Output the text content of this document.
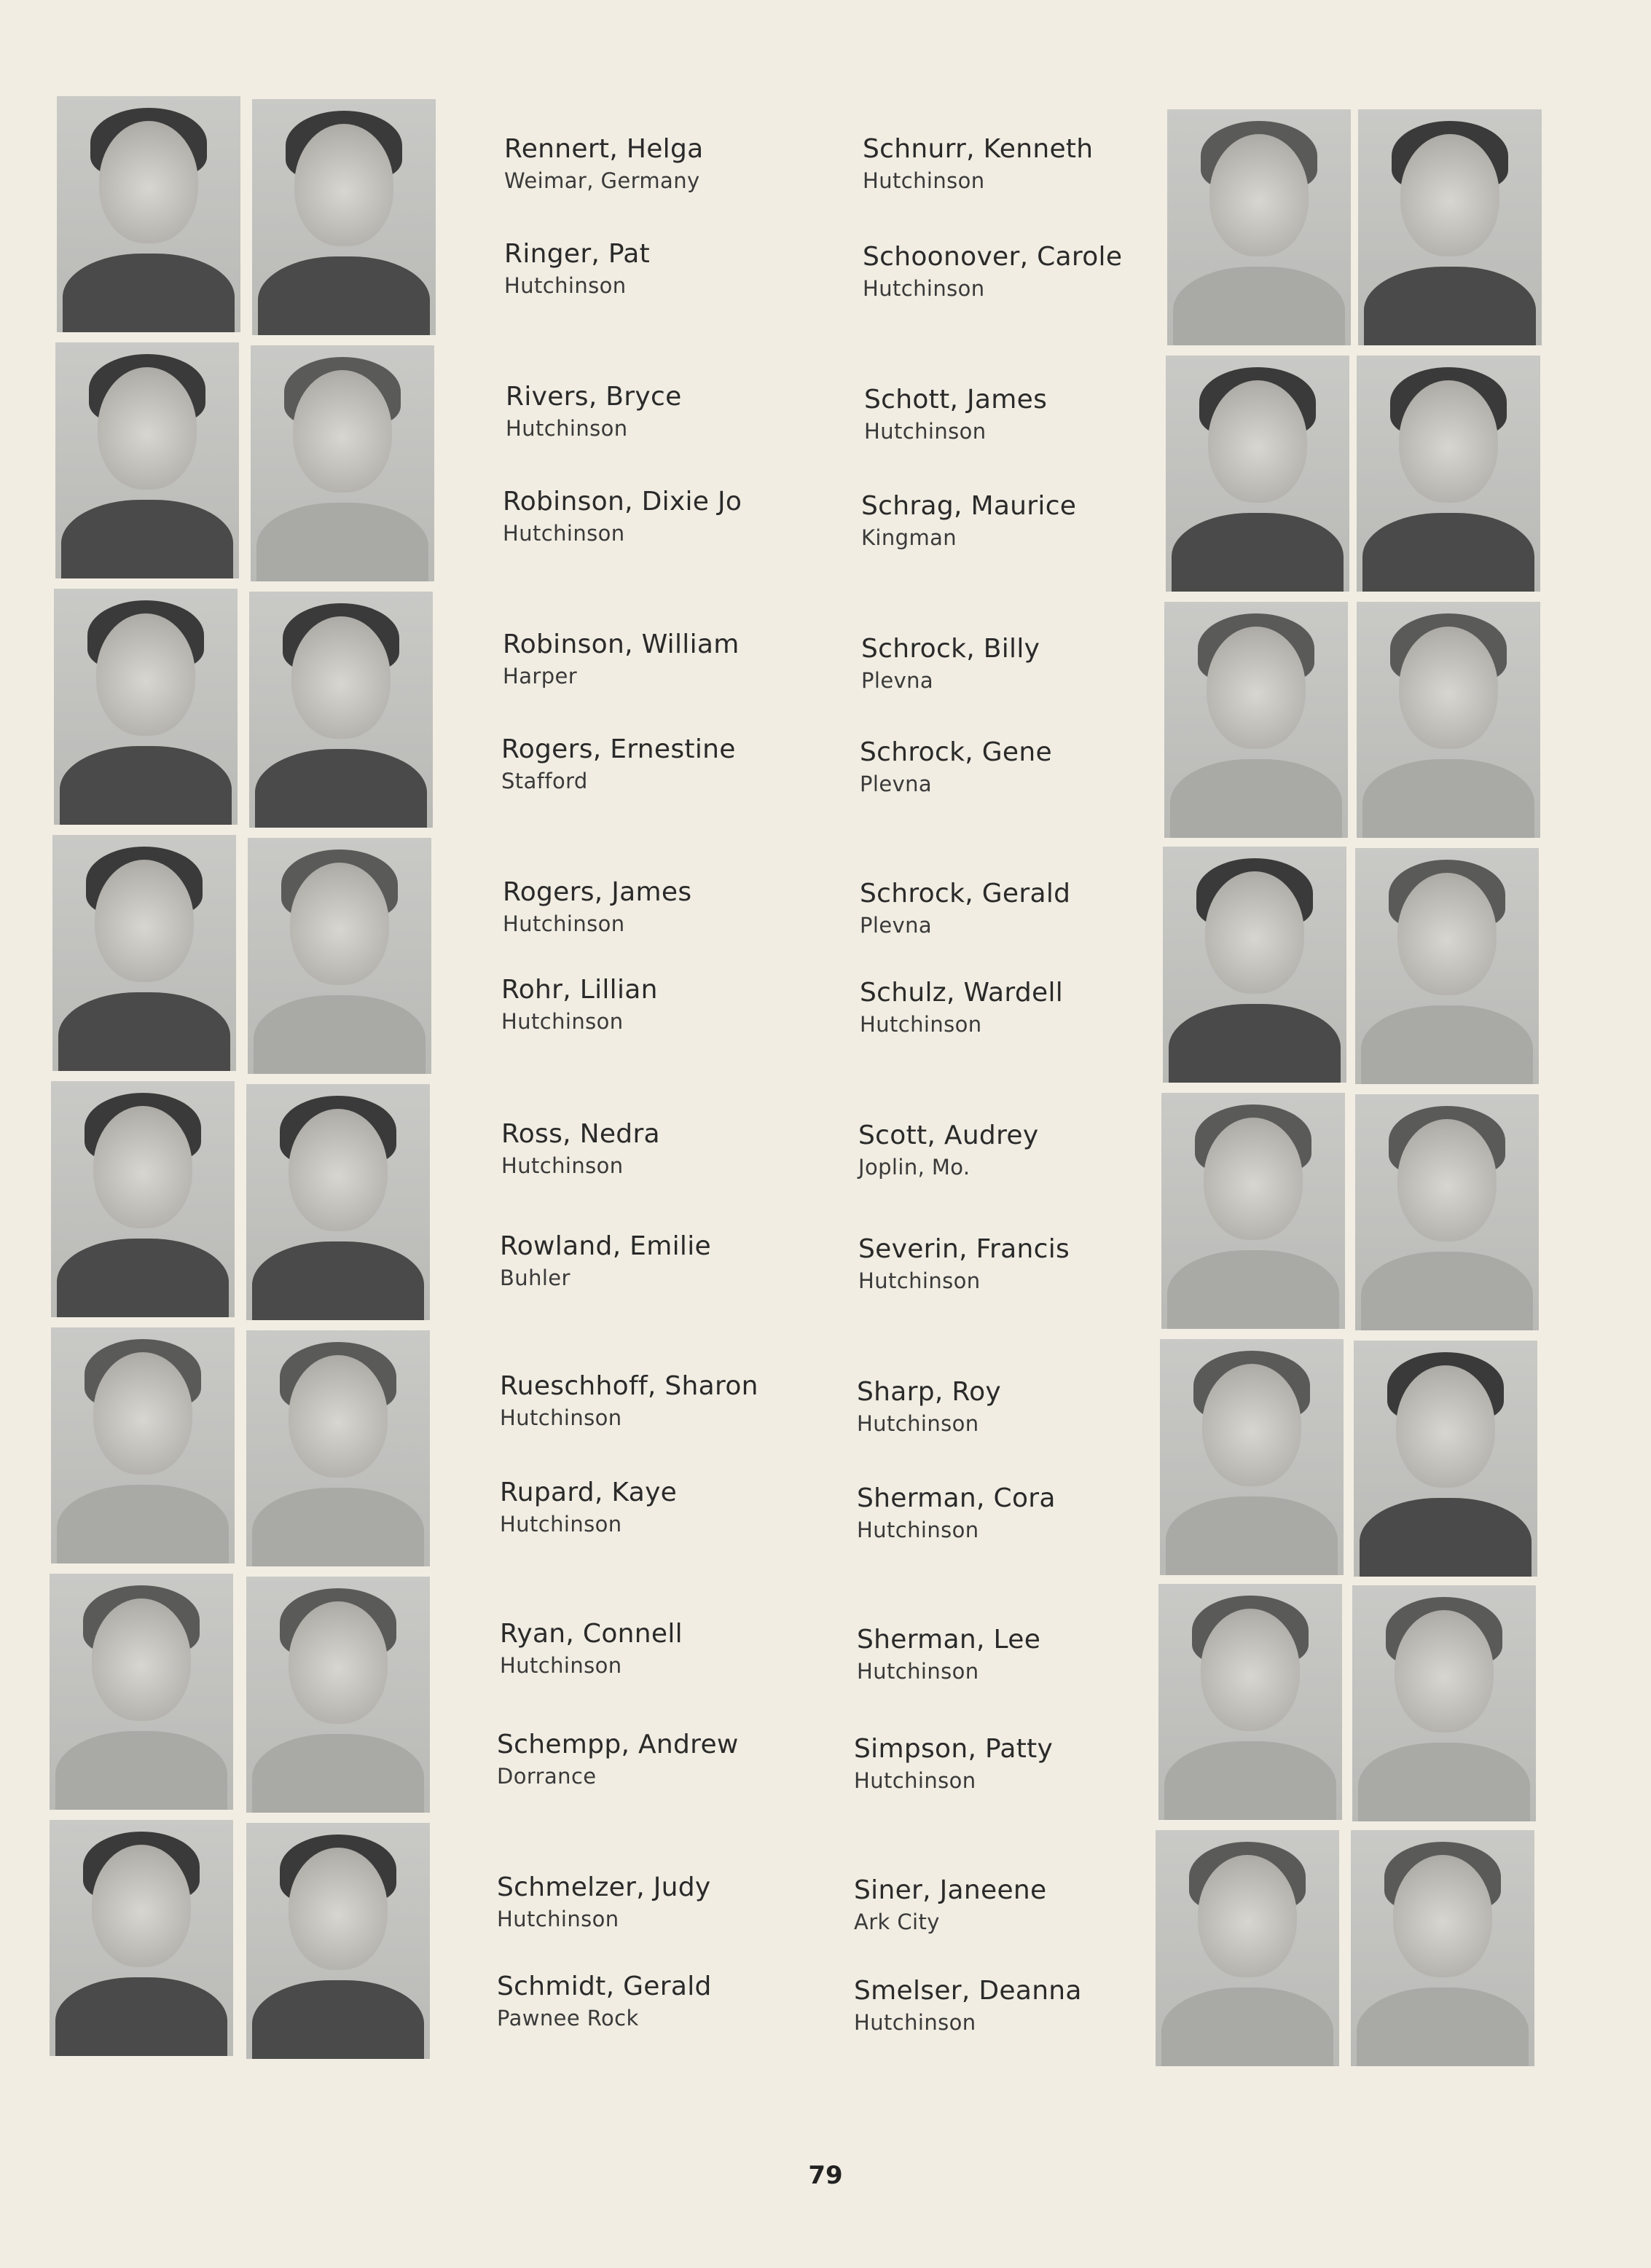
Rennert, Helga
Weimar, Germany
Ringer, Pat
Hutchinson
Rivers, Bryce
Hutchinson
Robinson, Dixie Jo
Hutchinson
Robinson, William
Harper
Rogers, Ernestine
Stafford
Rogers, James
Hutchinson
Rohr, Lillian
Hutchinson
Ross, Nedra
Hutchinson
Rowland, Emilie
Buhler
Rueschhoff, Sharon
Hutchinson
Rupard, Kaye
Hutchinson
Ryan, Connell
Hutchinson
Schempp, Andrew
Dorrance
Schmelzer, Judy
Hutchinson
Schmidt, Gerald
Pawnee Rock
Schnurr, Kenneth
Hutchinson
Schoonover, Carole
Hutchinson
Schott, James
Hutchinson
Schrag, Maurice
Kingman
Schrock, Billy
Plevna
Schrock, Gene
Plevna
Schrock, Gerald
Plevna
Schulz, Wardell
Hutchinson
Scott, Audrey
Joplin, Mo.
Severin, Francis
Hutchinson
Sharp, Roy
Hutchinson
Sherman, Cora
Hutchinson
Sherman, Lee
Hutchinson
Simpson, Patty
Hutchinson
Siner, Janeene
Ark City
Smelser, Deanna
Hutchinson
79
